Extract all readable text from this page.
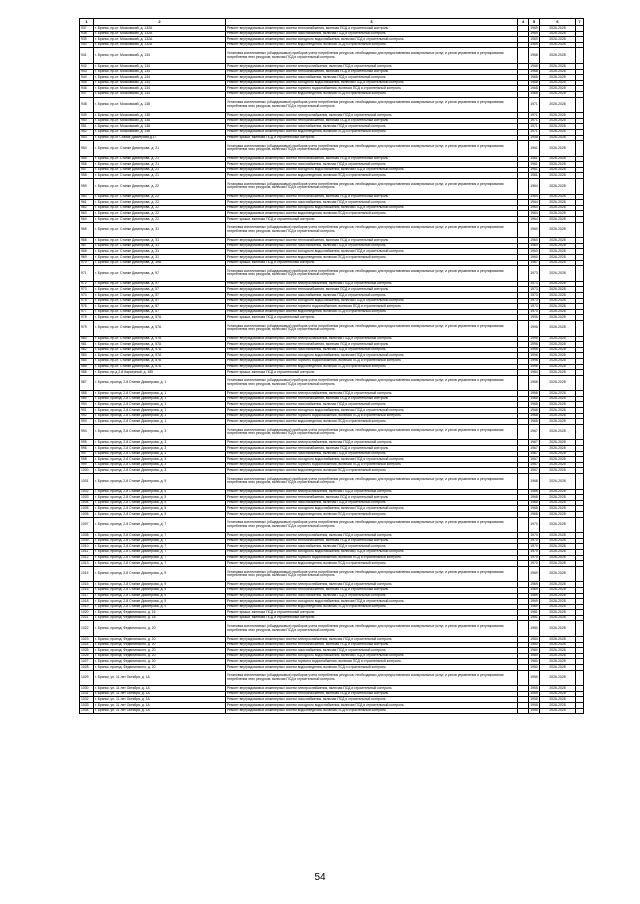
1	2	3	4	5	6	7
937	г. Брянск, пр-кт. Московский, д. 132А	Ремонт внутридомовых инженерных систем теплоснабжения, включая ПСД и строительный контроль		1969	2026-2028	
938	г. Брянск, пр-кт. Московский, д. 132А	Ремонт внутридомовых инженерных систем газоснабжения, включая ПСД и строительный контроль		1969	2026-2028	
939	г. Брянск, пр-кт. Московский, д. 132А	Ремонт внутридомовых инженерных систем холодного водоснабжения, включая ПСД и строительный контроль		1969	2026-2028	
940	г. Брянск, пр-кт. Московский, д. 132А	Ремонт внутридомовых инженерных систем водоотведения, включая ПСД и строительный контроль		1969	2026-2028	
941	г. Брянск, пр-кт. Московский, д. 134	Установка коллективных (общедомовых) приборов учета потребления ресурсов, необходимых для предоставления коммунальных услуг, и узлов управления и регулирования потребления этих ресурсов, включая ПСД и строительный контроль		1968	2026-2028	
942	г. Брянск, пр-кт. Московский, д. 134	Ремонт внутридомовых инженерных систем электроснабжения, включая ПСД и строительный контроль		1968	2026-2028	
943	г. Брянск, пр-кт. Московский, д. 134	Ремонт внутридомовых инженерных систем теплоснабжения, включая ПСД и строительный контроль		1968	2026-2028	
944	г. Брянск, пр-кт. Московский, д. 134	Ремонт внутридомовых инженерных систем газоснабжения, включая ПСД и строительный контроль		1968	2026-2028	
945	г. Брянск, пр-кт. Московский, д. 134	Ремонт внутридомовых инженерных систем холодного водоснабжения, включая ПСД и строительный контроль		1968	2026-2028	
946	г. Брянск, пр-кт. Московский, д. 134	Ремонт внутридомовых инженерных систем горячего водоснабжения, включая ПСД и строительный контроль		1968	2026-2028	
947	г. Брянск, пр-кт. Московский, д. 134	Ремонт внутридомовых инженерных систем водоотведения, включая ПСД и строительный контроль		1968	2026-2028	
948	г. Брянск, пр-кт. Московский, д. 138	Установка коллективных (общедомовых) приборов учета потребления ресурсов, необходимых для предоставления коммунальных услуг, и узлов управления и регулирования потребления этих ресурсов, включая ПСД и строительный контроль		1971	2026-2028	
949	г. Брянск, пр-кт. Московский, д. 138	Ремонт внутридомовых инженерных систем электроснабжения, включая ПСД и строительный контроль		1971	2026-2028	
950	г. Брянск, пр-кт. Московский, д. 138	Ремонт внутридомовых инженерных систем теплоснабжения, включая ПСД и строительный контроль		1971	2026-2028	
951	г. Брянск, пр-кт. Московский, д. 138	Ремонт внутридомовых инженерных систем газоснабжения, включая ПСД и строительный контроль		1971	2026-2028	
952	г. Брянск, пр-кт. Московский, д. 138	Ремонт внутридомовых инженерных систем водоотведения, включая ПСД и строительный контроль		1971	2026-2028	
953	г. Брянск, пр-кт Станке Димитрова,д.17	Ремонт крыши, включая ПСД и строительный контроль		1958	2026-2028	
954	г. Брянск, пр-кт. Станке Димитрова, д. 21	Установка коллективных (общедомовых) приборов учета потребления ресурсов, необходимых для предоставления коммунальных услуг, и узлов управления и регулирования потребления этих ресурсов, включая ПСД и строительный контроль		1961	2026-2028	
955	г. Брянск, пр-кт. Станке Димитрова, д. 21	Ремонт внутридомовых инженерных систем теплоснабжения, включая ПСД и строительный контроль		1961	2026-2028	
956	г. Брянск, пр-кт. Станке Димитрова, д. 21	Ремонт внутридомовых инженерных систем газоснабжения, включая ПСД и строительный контроль		1961	2026-2028	
957	г. Брянск, пр-кт. Станке Димитрова, д. 21	Ремонт внутридомовых инженерных систем холодного водоснабжения, включая ПСД и строительный контроль		1961	2026-2028	
958	г. Брянск, пр-кт. Станке Димитрова, д. 21	Ремонт внутридомовых инженерных систем водоотведения, включая ПСД и строительный контроль		1961	2026-2028	
959	г. Брянск, пр-кт. Станке Димитрова, д. 22	Установка коллективных (общедомовых) приборов учета потребления ресурсов, необходимых для предоставления коммунальных услуг, и узлов управления и регулирования потребления этих ресурсов, включая ПСД и строительный контроль		1964	2026-2028	
960	г. Брянск, пр-кт. Станке Димитрова, д. 22	Ремонт внутридомовых инженерных систем теплоснабжения, включая ПСД и строительный контроль		1964	2026-2028	
961	г. Брянск, пр-кт. Станке Димитрова, д. 22	Ремонт внутридомовых инженерных систем газоснабжения, включая ПСД и строительный контроль		1964	2026-2028	
962	г. Брянск, пр-кт. Станке Димитрова, д. 22	Ремонт внутридомовых инженерных систем холодного водоснабжения, включая ПСД и строительный контроль		1964	2026-2028	
963	г. Брянск, пр-кт. Станке Димитрова, д. 22	Ремонт внутридомовых инженерных систем водоотведения, включая ПСД и строительный контроль		1964	2026-2028	
964	г. Брянск, пр-кт. Станке Димитрова, д. 22	Ремонт крыши, включая ПСД и строительный контроль		1964	2026-2028	
965	г. Брянск, пр-кт. Станке Димитрова, д. 31	Установка коллективных (общедомовых) приборов учета потребления ресурсов, необходимых для предоставления коммунальных услуг, и узлов управления и регулирования потребления этих ресурсов, включая ПСД и строительный контроль		1960	2026-2028	
966	г. Брянск, пр-кт. Станке Димитрова, д. 31	Ремонт внутридомовых инженерных систем теплоснабжения, включая ПСД и строительный контроль		1960	2026-2028	
967	г. Брянск, пр-кт. Станке Димитрова, д. 31	Ремонт внутридомовых инженерных систем газоснабжения, включая ПСД и строительный контроль		1960	2026-2028	
968	г. Брянск, пр-кт. Станке Димитрова, д. 31	Ремонт внутридомовых инженерных систем холодного водоснабжения, включая ПСД и строительный контроль		1960	2026-2028	
969	г. Брянск, пр-кт. Станке Димитрова, д. 31	Ремонт внутридомовых инженерных систем водоотведения, включая ПСД и строительный контроль		1960	2026-2028	
970	г. Брянск, пр-кт. Станке Димитрова, д. 39А	Ремонт крыши, включая ПСД и строительный контроль		1967	2026-2028	
971	г. Брянск, пр-кт. Станке Димитрова, д. 57	Установка коллективных (общедомовых) приборов учета потребления ресурсов, необходимых для предоставления коммунальных услуг, и узлов управления и регулирования потребления этих ресурсов, включая ПСД и строительный контроль		1973	2026-2028	
972	г. Брянск, пр-кт. Станке Димитрова, д. 57	Ремонт внутридомовых инженерных систем электроснабжения, включая ПСД и строительный контроль		1973	2026-2028	
973	г. Брянск, пр-кт. Станке Димитрова, д. 57	Ремонт внутридомовых инженерных систем теплоснабжения, включая ПСД и строительный контроль		1973	2026-2028	
974	г. Брянск, пр-кт. Станке Димитрова, д. 57	Ремонт внутридомовых инженерных систем газоснабжения, включая ПСД и строительный контроль		1973	2026-2028	
975	г. Брянск, пр-кт. Станке Димитрова, д. 57	Ремонт внутридомовых инженерных систем холодного водоснабжения, включая ПСД и строительный контроль		1973	2026-2028	
976	г. Брянск, пр-кт. Станке Димитрова, д. 57	Ремонт внутридомовых инженерных систем горячего водоснабжения, включая ПСД и строительный контроль		1973	2026-2028	
977	г. Брянск, пр-кт. Станке Димитрова, д. 57	Ремонт внутридомовых инженерных систем водоотведения, включая ПСД и строительный контроль		1973	2026-2028	
978	г. Брянск, пр-кт. Станке Димитрова, д. 57А	Ремонт крыши, включая ПСД и строительный контроль		1996	2026-2028	
979	г. Брянск, пр-кт. Станке Димитрова, д. 57А	Установка коллективных (общедомовых) приборов учета потребления ресурсов, необходимых для предоставления коммунальных услуг, и узлов управления и регулирования потребления этих ресурсов, включая ПСД и строительный контроль		1996	2026-2028	
980	г. Брянск, пр-кт. Станке Димитрова, д. 57А	Ремонт внутридомовых инженерных систем электроснабжения, включая ПСД и строительный контроль		1996	2026-2028	
981	г. Брянск, пр-кт. Станке Димитрова, д. 57А	Ремонт внутридомовых инженерных систем теплоснабжения, включая ПСД и строительный контроль		1996	2026-2028	
982	г. Брянск, пр-кт. Станке Димитрова, д. 57А	Ремонт внутридомовых инженерных систем газоснабжения, включая ПСД и строительный контроль		1996	2026-2028	
983	г. Брянск, пр-кт. Станке Димитрова, д. 57А	Ремонт внутридомовых инженерных систем холодного водоснабжения, включая ПСД и строительный контроль		1996	2026-2028	
984	г. Брянск, пр-кт. Станке Димитрова, д. 57А	Ремонт внутридомовых инженерных систем горячего водоснабжения, включая ПСД и строительный контроль		1996	2026-2028	
985	г. Брянск, пр-кт. Станке Димитрова, д. 57А	Ремонт внутридомовых инженерных систем водоотведения, включая ПСД и строительный контроль		1996	2026-2028	
986	г. Брянск, пр-д 2-й Карьерный, д. 185	Ремонт крыши, включая ПСД и строительный контроль		1984	2026-2028	
987	г. Брянск, проезд. 2-й Станке Димитрова, д. 1	Установка коллективных (общедомовых) приборов учета потребления ресурсов, необходимых для предоставления коммунальных услуг, и узлов управления и регулирования потребления этих ресурсов, включая ПСД и строительный контроль		1968	2026-2028	
988	г. Брянск, проезд. 2-й Станке Димитрова, д. 1	Ремонт внутридомовых инженерных систем электроснабжения, включая ПСД и строительный контроль		1968	2026-2028	
989	г. Брянск, проезд. 2-й Станке Димитрова, д. 1	Ремонт внутридомовых инженерных систем теплоснабжения, включая ПСД и строительный контроль		1968	2026-2028	
990	г. Брянск, проезд. 2-й Станке Димитрова, д. 1	Ремонт внутридомовых инженерных систем газоснабжения, включая ПСД и строительный контроль		1968	2026-2028	
991	г. Брянск, проезд. 2-й Станке Димитрова, д. 1	Ремонт внутридомовых инженерных систем холодного водоснабжения, включая ПСД и строительный контроль		1968	2026-2028	
992	г. Брянск, проезд. 2-й Станке Димитрова, д. 1	Ремонт внутридомовых инженерных систем горячего водоснабжения, включая ПСД и строительный контроль		1968	2026-2028	
993	г. Брянск, проезд. 2-й Станке Димитрова, д. 1	Ремонт внутридомовых инженерных систем водоотведения, включая ПСД и строительный контроль		1968	2026-2028	
994	г. Брянск, проезд. 2-й Станке Димитрова, д. 3	Установка коллективных (общедомовых) приборов учета потребления ресурсов, необходимых для предоставления коммунальных услуг, и узлов управления и регулирования потребления этих ресурсов, включая ПСД и строительный контроль		1967	2026-2028	
995	г. Брянск, проезд. 2-й Станке Димитрова, д. 3	Ремонт внутридомовых инженерных систем электроснабжения, включая ПСД и строительный контроль		1967	2026-2028	
996	г. Брянск, проезд. 2-й Станке Димитрова, д. 3	Ремонт внутридомовых инженерных систем теплоснабжения, включая ПСД и строительный контроль		1967	2026-2028	
997	г. Брянск, проезд. 2-й Станке Димитрова, д. 3	Ремонт внутридомовых инженерных систем газоснабжения, включая ПСД и строительный контроль		1967	2026-2028	
998	г. Брянск, проезд. 2-й Станке Димитрова, д. 3	Ремонт внутридомовых инженерных систем холодного водоснабжения, включая ПСД и строительный контроль		1967	2026-2028	
999	г. Брянск, проезд. 2-й Станке Димитрова, д. 3	Ремонт внутридомовых инженерных систем горячего водоснабжения, включая ПСД и строительный контроль		1967	2026-2028	
1000	г. Брянск, проезд. 2-й Станке Димитрова, д. 3	Ремонт внутридомовых инженерных систем водоотведения, включая ПСД и строительный контроль		1967	2026-2028	
1001	г. Брянск, проезд. 2-й Станке Димитрова, д. 5	Установка коллективных (общедомовых) приборов учета потребления ресурсов, необходимых для предоставления коммунальных услуг, и узлов управления и регулирования потребления этих ресурсов, включая ПСД и строительный контроль		1968	2026-2028	
1002	г. Брянск, проезд. 2-й Станке Димитрова, д. 5	Ремонт внутридомовых инженерных систем электроснабжения, включая ПСД и строительный контроль		1968	2026-2028	
1003	г. Брянск, проезд. 2-й Станке Димитрова, д. 5	Ремонт внутридомовых инженерных систем теплоснабжения, включая ПСД и строительный контроль		1968	2026-2028	
1004	г. Брянск, проезд. 2-й Станке Димитрова, д. 5	Ремонт внутридомовых инженерных систем газоснабжения, включая ПСД и строительный контроль		1968	2026-2028	
1005	г. Брянск, проезд. 2-й Станке Димитрова, д. 5	Ремонт внутридомовых инженерных систем холодного водоснабжения, включая ПСД и строительный контроль		1968	2026-2028	
1006	г. Брянск, проезд. 2-й Станке Димитрова, д. 5	Ремонт внутридомовых инженерных систем водоотведения, включая ПСД и строительный контроль		1968	2026-2028	
1007	г. Брянск, проезд. 2-й Станке Димитрова, д. 7	Установка коллективных (общедомовых) приборов учета потребления ресурсов, необходимых для предоставления коммунальных услуг, и узлов управления и регулирования потребления этих ресурсов, включая ПСД и строительный контроль		1970	2026-2028	
1008	г. Брянск, проезд. 2-й Станке Димитрова, д. 7	Ремонт внутридомовых инженерных систем электроснабжения, включая ПСД и строительный контроль		1970	2026-2028	
1009	г. Брянск, проезд. 2-й Станке Димитрова, д. 7	Ремонт внутридомовых инженерных систем теплоснабжения, включая ПСД и строительный контроль		1970	2026-2028	
1010	г. Брянск, проезд. 2-й Станке Димитрова, д. 7	Ремонт внутридомовых инженерных систем газоснабжения, включая ПСД и строительный контроль		1970	2026-2028	
1011	г. Брянск, проезд. 2-й Станке Димитрова, д. 7	Ремонт внутридомовых инженерных систем холодного водоснабжения, включая ПСД и строительный контроль		1970	2026-2028	
1012	г. Брянск, проезд. 2-й Станке Димитрова, д. 7	Ремонт внутридомовых инженерных систем горячего водоснабжения, включая ПСД и строительный контроль		1970	2026-2028	
1013	г. Брянск, проезд. 2-й Станке Димитрова, д. 7	Ремонт внутридомовых инженерных систем водоотведения, включая ПСД и строительный контроль		1970	2026-2028	
1014	г. Брянск, проезд. 2-й Станке Димитрова, д. 9	Установка коллективных (общедомовых) приборов учета потребления ресурсов, необходимых для предоставления коммунальных услуг, и узлов управления и регулирования потребления этих ресурсов, включая ПСД и строительный контроль		1969	2026-2028	
1015	г. Брянск, проезд. 2-й Станке Димитрова, д. 9	Ремонт внутридомовых инженерных систем электроснабжения, включая ПСД и строительный контроль		1969	2026-2028	
1016	г. Брянск, проезд. 2-й Станке Димитрова, д. 9	Ремонт внутридомовых инженерных систем теплоснабжения, включая ПСД и строительный контроль		1969	2026-2028	
1017	г. Брянск, проезд. 2-й Станке Димитрова, д. 9	Ремонт внутридомовых инженерных систем газоснабжения, включая ПСД и строительный контроль		1969	2026-2028	
1018	г. Брянск, проезд. 2-й Станке Димитрова, д. 9	Ремонт внутридомовых инженерных систем холодного водоснабжения, включая ПСД и строительный контроль		1969	2026-2028	
1019	г. Брянск, проезд. 2-й Станке Димитрова, д. 9	Ремонт внутридомовых инженерных систем водоотведения, включая ПСД и строительный контроль		1969	2026-2028	
1020	г. Брянск, проезд. Федюнинского, д. 16	Ремонт крыши, включая ПСД и строительный контроль		1981	2026-2028	
1021	г. Брянск, проезд. Федюнинского, д. 18	Ремонт крыши, включая ПСД и строительный контроль		1981	2026-2028	
1022	г. Брянск, проезд. Федюнинского, д. 20	Установка коллективных (общедомовых) приборов учета потребления ресурсов, необходимых для предоставления коммунальных услуг, и узлов управления и регулирования потребления этих ресурсов, включая ПСД и строительный контроль		1980	2026-2028	
1023	г. Брянск, проезд. Федюнинского, д. 20	Ремонт внутридомовых инженерных систем электроснабжения, включая ПСД и строительный контроль		1980	2026-2028	
1024	г. Брянск, проезд. Федюнинского, д. 20	Ремонт внутридомовых инженерных систем теплоснабжения, включая ПСД и строительный контроль		1980	2026-2028	
1025	г. Брянск, проезд. Федюнинского, д. 20	Ремонт внутридомовых инженерных систем газоснабжения, включая ПСД и строительный контроль		1980	2026-2028	
1026	г. Брянск, проезд. Федюнинского, д. 20	Ремонт внутридомовых инженерных систем холодного водоснабжения, включая ПСД и строительный контроль		1980	2026-2028	
1027	г. Брянск, проезд. Федюнинского, д. 20	Ремонт внутридомовых инженерных систем горячего водоснабжения, включая ПСД и строительный контроль		1980	2026-2028	
1028	г. Брянск, проезд. Федюнинского, д. 20	Ремонт внутридомовых инженерных систем водоотведения, включая ПСД и строительный контроль		1980	2026-2028	
1029	г. Брянск, ул. 11 лет Октября, д. 1А	Установка коллективных (общедомовых) приборов учета потребления ресурсов, необходимых для предоставления коммунальных услуг, и узлов управления и регулирования потребления этих ресурсов, включая ПСД и строительный контроль		1955	2026-2028	
1030	г. Брянск, ул. 11 лет Октября, д. 1А	Ремонт внутридомовых инженерных систем электроснабжения, включая ПСД и строительный контроль		1955	2026-2028	
1031	г. Брянск, ул. 11 лет Октября, д. 1А	Ремонт внутридомовых инженерных систем теплоснабжения, включая ПСД и строительный контроль		1955	2026-2028	
1032	г. Брянск, ул. 11 лет Октября, д. 1А	Ремонт внутридомовых инженерных систем газоснабжения, включая ПСД и строительный контроль		1955	2026-2028	
1033	г. Брянск, ул. 11 лет Октября, д. 1А	Ремонт внутридомовых инженерных систем холодного водоснабжения, включая ПСД и строительный контроль		1955	2026-2028	
1034	г. Брянск, ул. 11 лет Октября, д. 1А	Ремонт внутридомовых инженерных систем водоотведения, включая ПСД и строительный контроль		1955	2026-2028	
54
